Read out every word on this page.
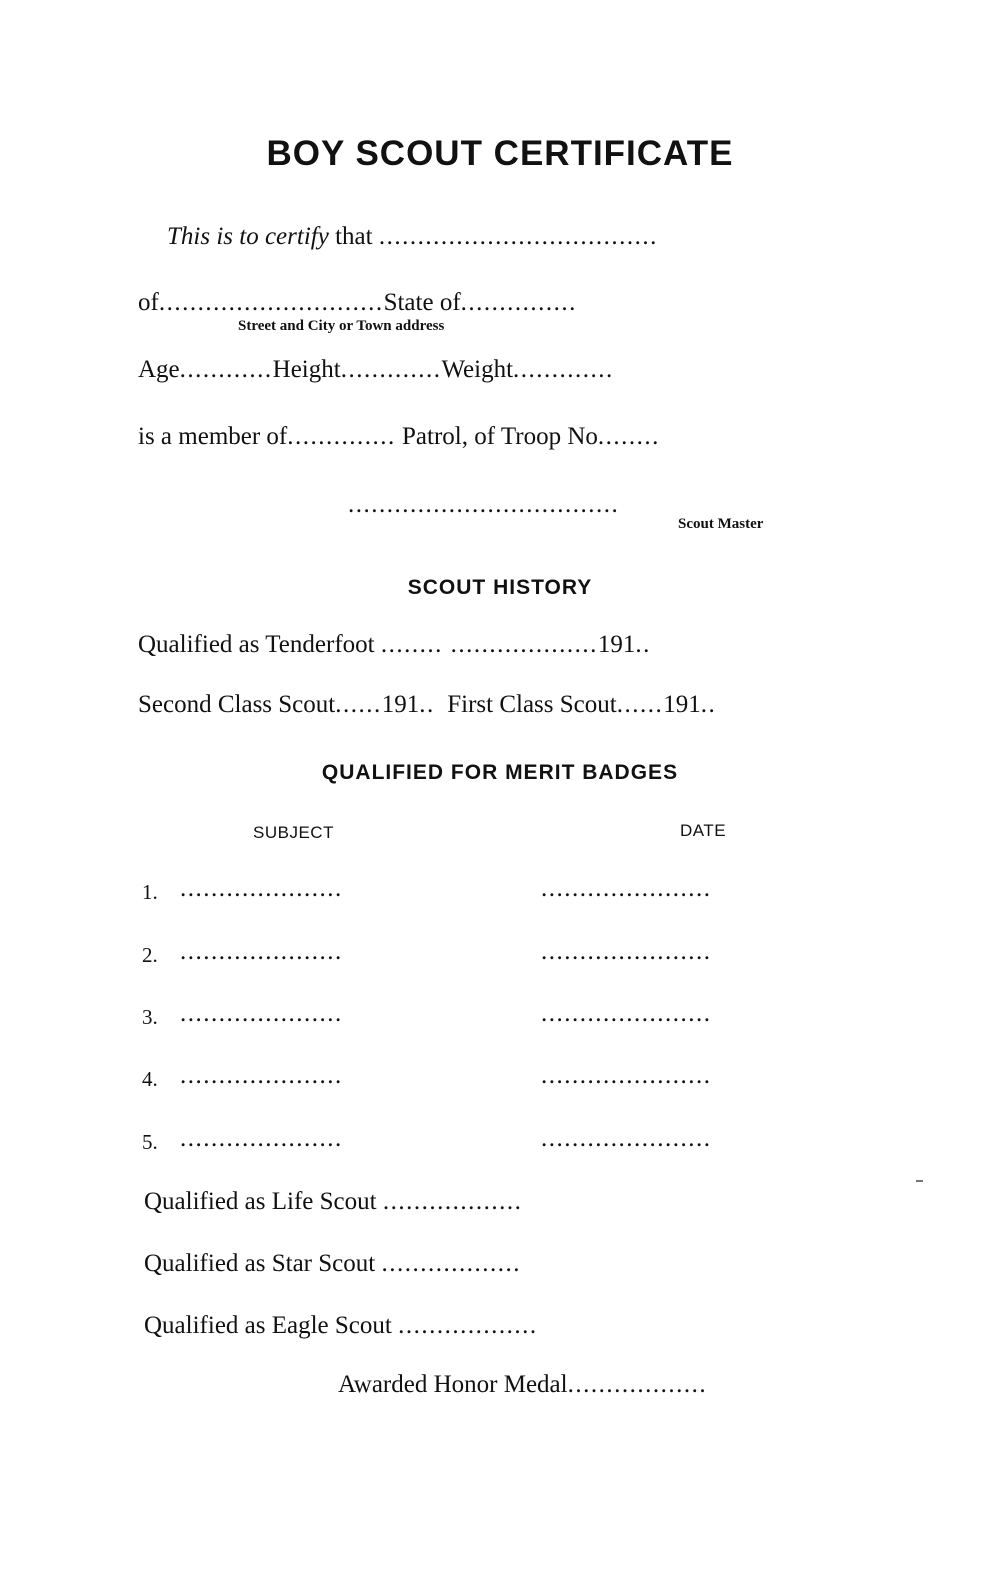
BOY SCOUT CERTIFICATE
This is to certify that ....................................
of.............................State of...............
Street and City or Town address
Age............Height.............Weight.............
is a member of.............. Patrol, of Troop No........
...................................
Scout Master
SCOUT HISTORY
Qualified as Tenderfoot ........ ...................191..
Second Class Scout......191.. First Class Scout......191..
QUALIFIED FOR MERIT BADGES
SUBJECT	DATE
1. .....................	......................
2. .....................	......................
3. .....................	......................
4. .....................	......................
5. .....................	......................
Qualified as Life Scout ..................
Qualified as Star Scout ..................
Qualified as Eagle Scout ..................
Awarded Honor Medal..................
